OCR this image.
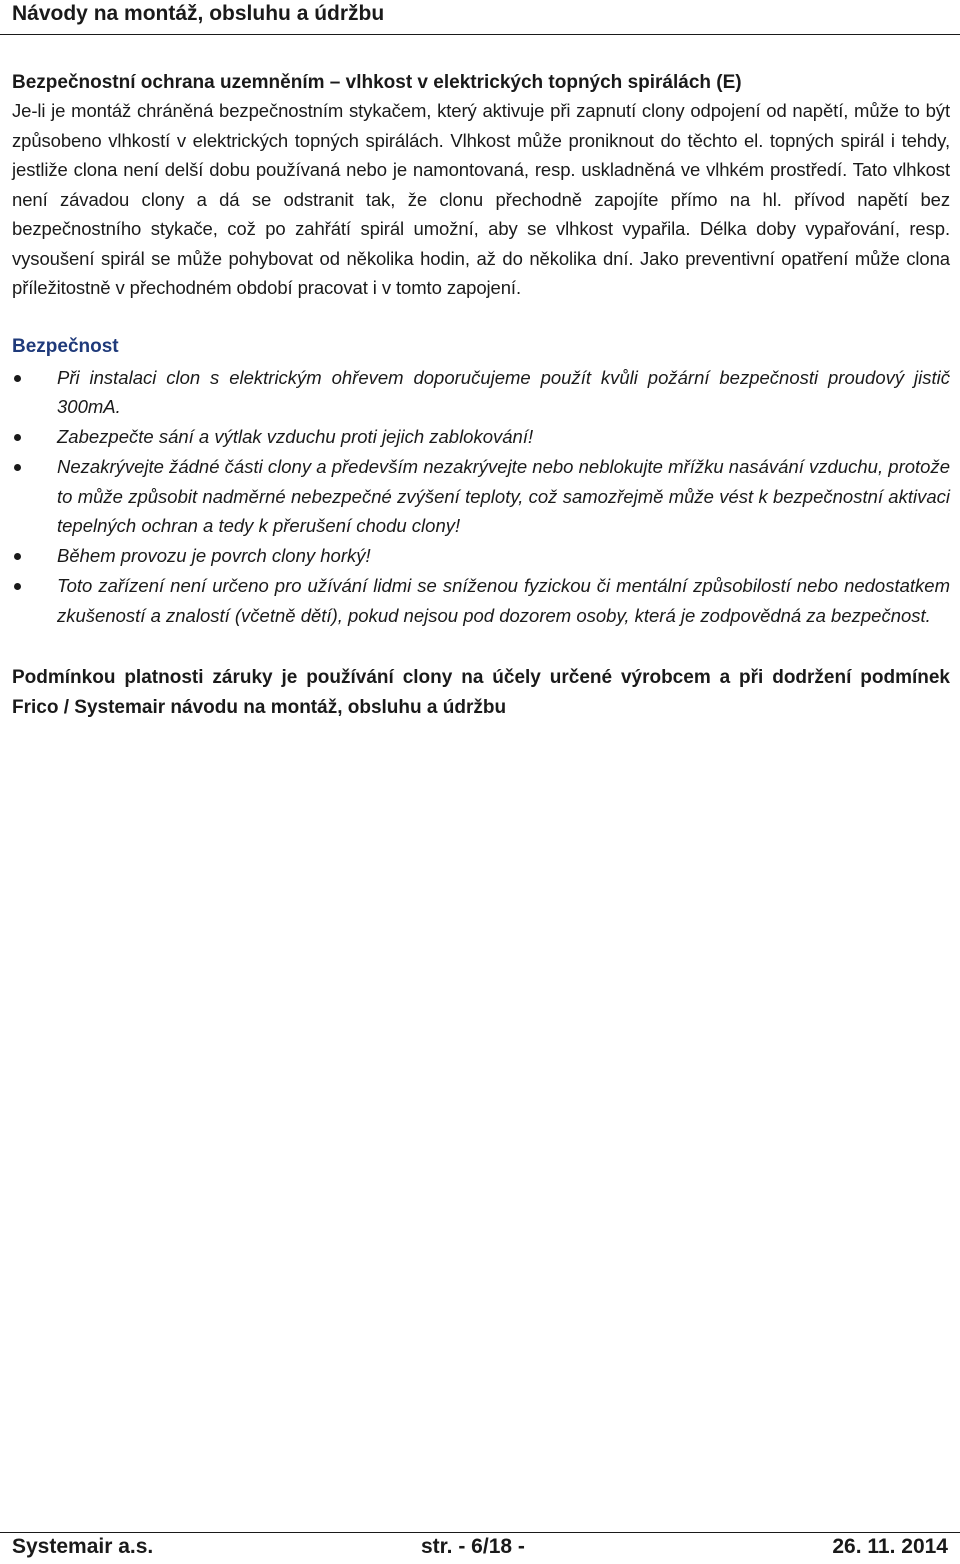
Návody na montáž, obsluhu a údržbu
Bezpečnostní ochrana uzemněním – vlhkost v elektrických topných spirálách (E)

Je-li je montáž chráněná bezpečnostním stykačem, který aktivuje při zapnutí clony odpojení od napětí, může to být způsobeno vlhkostí v elektrických topných spirálách. Vlhkost může proniknout do těchto el. topných spirál i tehdy, jestliže clona není delší dobu používaná nebo je namontovaná, resp. uskladněná ve vlhkém prostředí. Tato vlhkost není závadou clony a dá se odstranit tak, že clonu přechodně zapojíte přímo na hl. přívod napětí bez bezpečnostního stykače, což po zahřátí spirál umožní, aby se vlhkost vypařila. Délka doby vypařování, resp. vysoušení spirál se může pohybovat od několika hodin, až do několika dní. Jako preventivní opatření může clona příležitostně v přechodném období pracovat i v tomto zapojení.

Bezpečnost
Při instalaci clon s elektrickým ohřevem doporučujeme použít kvůli požární bezpečnosti proudový jistič 300mA.
Zabezpečte sání a výtlak vzduchu proti jejich zablokování!
Nezakrývejte žádné části clony a především nezakrývejte nebo neblokujte mřížku nasávání vzduchu, protože to může způsobit nadměrné nebezpečné zvýšení teploty, což samozřejmě může vést k bezpečnostní aktivaci tepelných ochran a tedy k přerušení chodu clony!
Během provozu je povrch clony horký!
Toto zařízení není určeno pro užívání lidmi se sníženou fyzickou či mentální způsobilostí nebo nedostatkem zkušeností a znalostí (včetně dětí), pokud nejsou pod dozorem osoby, která je zodpovědná za bezpečnost.
Podmínkou platnosti záruky je používání clony na účely určené výrobcem a při dodržení podmínek Frico / Systemair návodu na montáž, obsluhu a údržbu
Systemair a.s.	str. - 6/18 -	26. 11. 2014
